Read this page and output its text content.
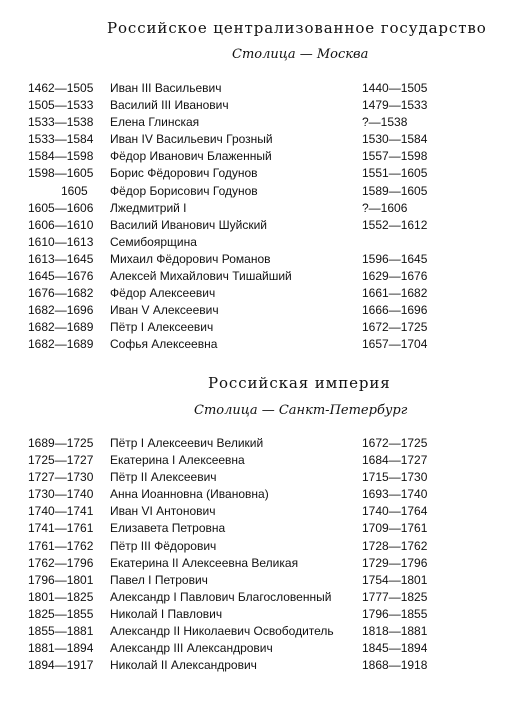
Российское централизованное государство
Столица — Москва
1462—1505 Иван III Васильевич	1440—1505
1505—1533 Василий III Иванович	1479—1533
1533—1538 Елена Глинская	?—1538
1533—1584 Иван IV Васильевич Грозный	1530—1584
1584—1598 Фёдор Иванович Блаженный	1557—1598
1598—1605 Борис Фёдорович Годунов	1551—1605
1605 Фёдор Борисович Годунов	1589—1605
1605—1606 Лжедмитрий I	?—1606
1606—1610 Василий Иванович Шуйский	1552—1612
1610—1613 Семибоярщина
1613—1645 Михаил Фёдорович Романов	1596—1645
1645—1676 Алексей Михайлович Тишайший	1629—1676
1676—1682 Фёдор Алексеевич	1661—1682
1682—1696 Иван V Алексеевич	1666—1696
1682—1689 Пётр I Алексеевич	1672—1725
1682—1689 Софья Алексеевна	1657—1704
Российская империя
Столица — Санкт-Петербург
1689—1725 Пётр I Алексеевич Великий	1672—1725
1725—1727 Екатерина I Алексеевна	1684—1727
1727—1730 Пётр II Алексеевич	1715—1730
1730—1740 Анна Иоанновна (Ивановна)	1693—1740
1740—1741 Иван VI Антонович	1740—1764
1741—1761 Елизавета Петровна	1709—1761
1761—1762 Пётр III Фёдорович	1728—1762
1762—1796 Екатерина II Алексеевна Великая	1729—1796
1796—1801 Павел I Петрович	1754—1801
1801—1825 Александр I Павлович Благословенный	1777—1825
1825—1855 Николай I Павлович	1796—1855
1855—1881 Александр II Николаевич Освободитель 1818—1881
1881—1894 Александр III Александрович	1845—1894
1894—1917 Николай II Александрович	1868—1918
